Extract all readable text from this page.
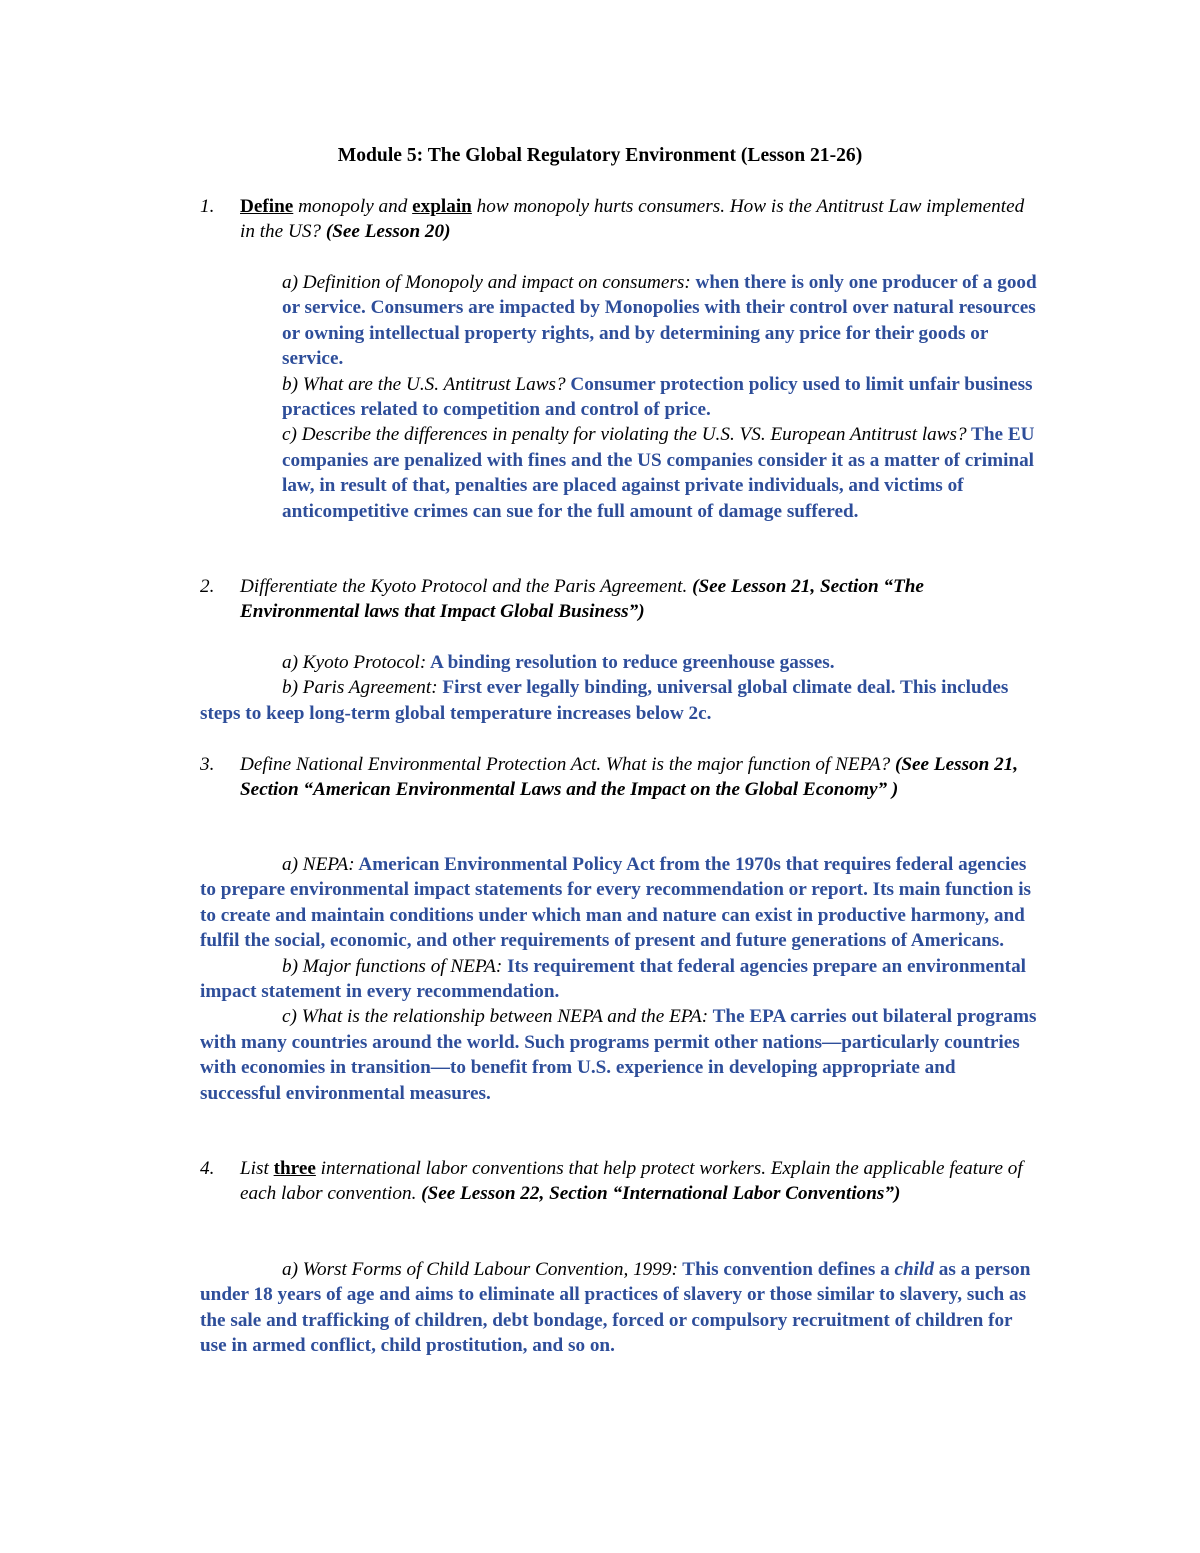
Module 5: The Global Regulatory Environment (Lesson 21-26)
1. Define monopoly and explain how monopoly hurts consumers. How is the Antitrust Law implemented in the US? (See Lesson 20)

a) Definition of Monopoly and impact on consumers: when there is only one producer of a good or service. Consumers are impacted by Monopolies with their control over natural resources or owning intellectual property rights, and by determining any price for their goods or service.

b) What are the U.S. Antitrust Laws? Consumer protection policy used to limit unfair business practices related to competition and control of price.

c) Describe the differences in penalty for violating the U.S. VS. European Antitrust laws? The EU companies are penalized with fines and the US companies consider it as a matter of criminal law, in result of that, penalties are placed against private individuals, and victims of anticompetitive crimes can sue for the full amount of damage suffered.

2. Differentiate the Kyoto Protocol and the Paris Agreement. (See Lesson 21, Section “The Environmental laws that Impact Global Business”)

a) Kyoto Protocol: A binding resolution to reduce greenhouse gasses.

b) Paris Agreement: First ever legally binding, universal global climate deal. This includes steps to keep long-term global temperature increases below 2c.

3. Define National Environmental Protection Act. What is the major function of NEPA? (See Lesson 21, Section “American Environmental Laws and the Impact on the Global Economy” )

a) NEPA: American Environmental Policy Act from the 1970s that requires federal agencies to prepare environmental impact statements for every recommendation or report. Its main function is to create and maintain conditions under which man and nature can exist in productive harmony, and fulfil the social, economic, and other requirements of present and future generations of Americans.

b) Major functions of NEPA: Its requirement that federal agencies prepare an environmental impact statement in every recommendation.

c) What is the relationship between NEPA and the EPA: The EPA carries out bilateral programs with many countries around the world. Such programs permit other nations—particularly countries with economies in transition—to benefit from U.S. experience in developing appropriate and successful environmental measures.

4. List three international labor conventions that help protect workers. Explain the applicable feature of each labor convention. (See Lesson 22, Section “International Labor Conventions”)

a) Worst Forms of Child Labour Convention, 1999: This convention defines a child as a person under 18 years of age and aims to eliminate all practices of slavery or those similar to slavery, such as the sale and trafficking of children, debt bondage, forced or compulsory recruitment of children for use in armed conflict, child prostitution, and so on.
